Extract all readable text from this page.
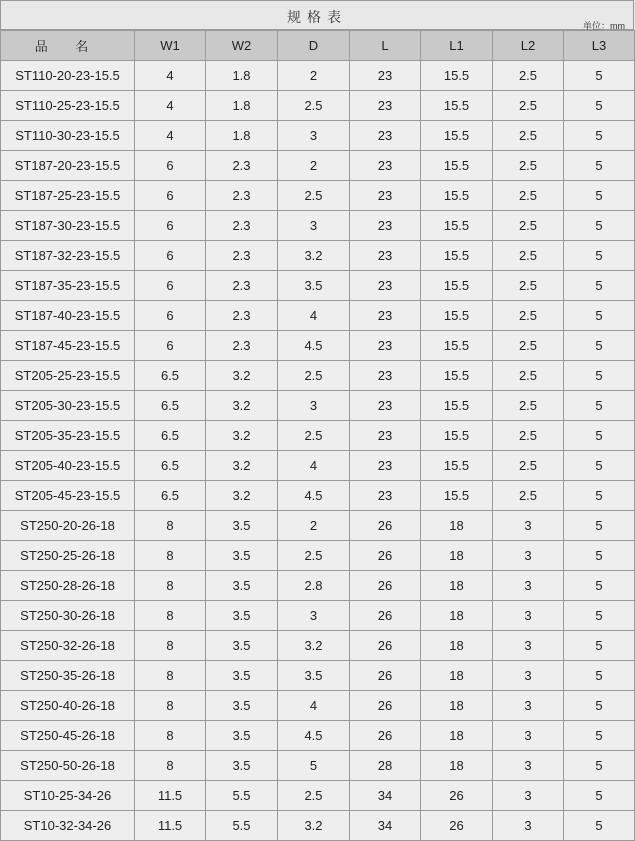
规格表
单位：mm
品 名	W1	W2	D	L	L1	L2	L3
ST110-20-23-15.5	4	1.8	2	23	15.5	2.5	5
ST110-25-23-15.5	4	1.8	2.5	23	15.5	2.5	5
ST110-30-23-15.5	4	1.8	3	23	15.5	2.5	5
ST187-20-23-15.5	6	2.3	2	23	15.5	2.5	5
ST187-25-23-15.5	6	2.3	2.5	23	15.5	2.5	5
ST187-30-23-15.5	6	2.3	3	23	15.5	2.5	5
ST187-32-23-15.5	6	2.3	3.2	23	15.5	2.5	5
ST187-35-23-15.5	6	2.3	3.5	23	15.5	2.5	5
ST187-40-23-15.5	6	2.3	4	23	15.5	2.5	5
ST187-45-23-15.5	6	2.3	4.5	23	15.5	2.5	5
ST205-25-23-15.5	6.5	3.2	2.5	23	15.5	2.5	5
ST205-30-23-15.5	6.5	3.2	3	23	15.5	2.5	5
ST205-35-23-15.5	6.5	3.2	2.5	23	15.5	2.5	5
ST205-40-23-15.5	6.5	3.2	4	23	15.5	2.5	5
ST205-45-23-15.5	6.5	3.2	4.5	23	15.5	2.5	5
ST250-20-26-18	8	3.5	2	26	18	3	5
ST250-25-26-18	8	3.5	2.5	26	18	3	5
ST250-28-26-18	8	3.5	2.8	26	18	3	5
ST250-30-26-18	8	3.5	3	26	18	3	5
ST250-32-26-18	8	3.5	3.2	26	18	3	5
ST250-35-26-18	8	3.5	3.5	26	18	3	5
ST250-40-26-18	8	3.5	4	26	18	3	5
ST250-45-26-18	8	3.5	4.5	26	18	3	5
ST250-50-26-18	8	3.5	5	28	18	3	5
ST10-25-34-26	11.5	5.5	2.5	34	26	3	5
ST10-32-34-26	11.5	5.5	3.2	34	26	3	5
